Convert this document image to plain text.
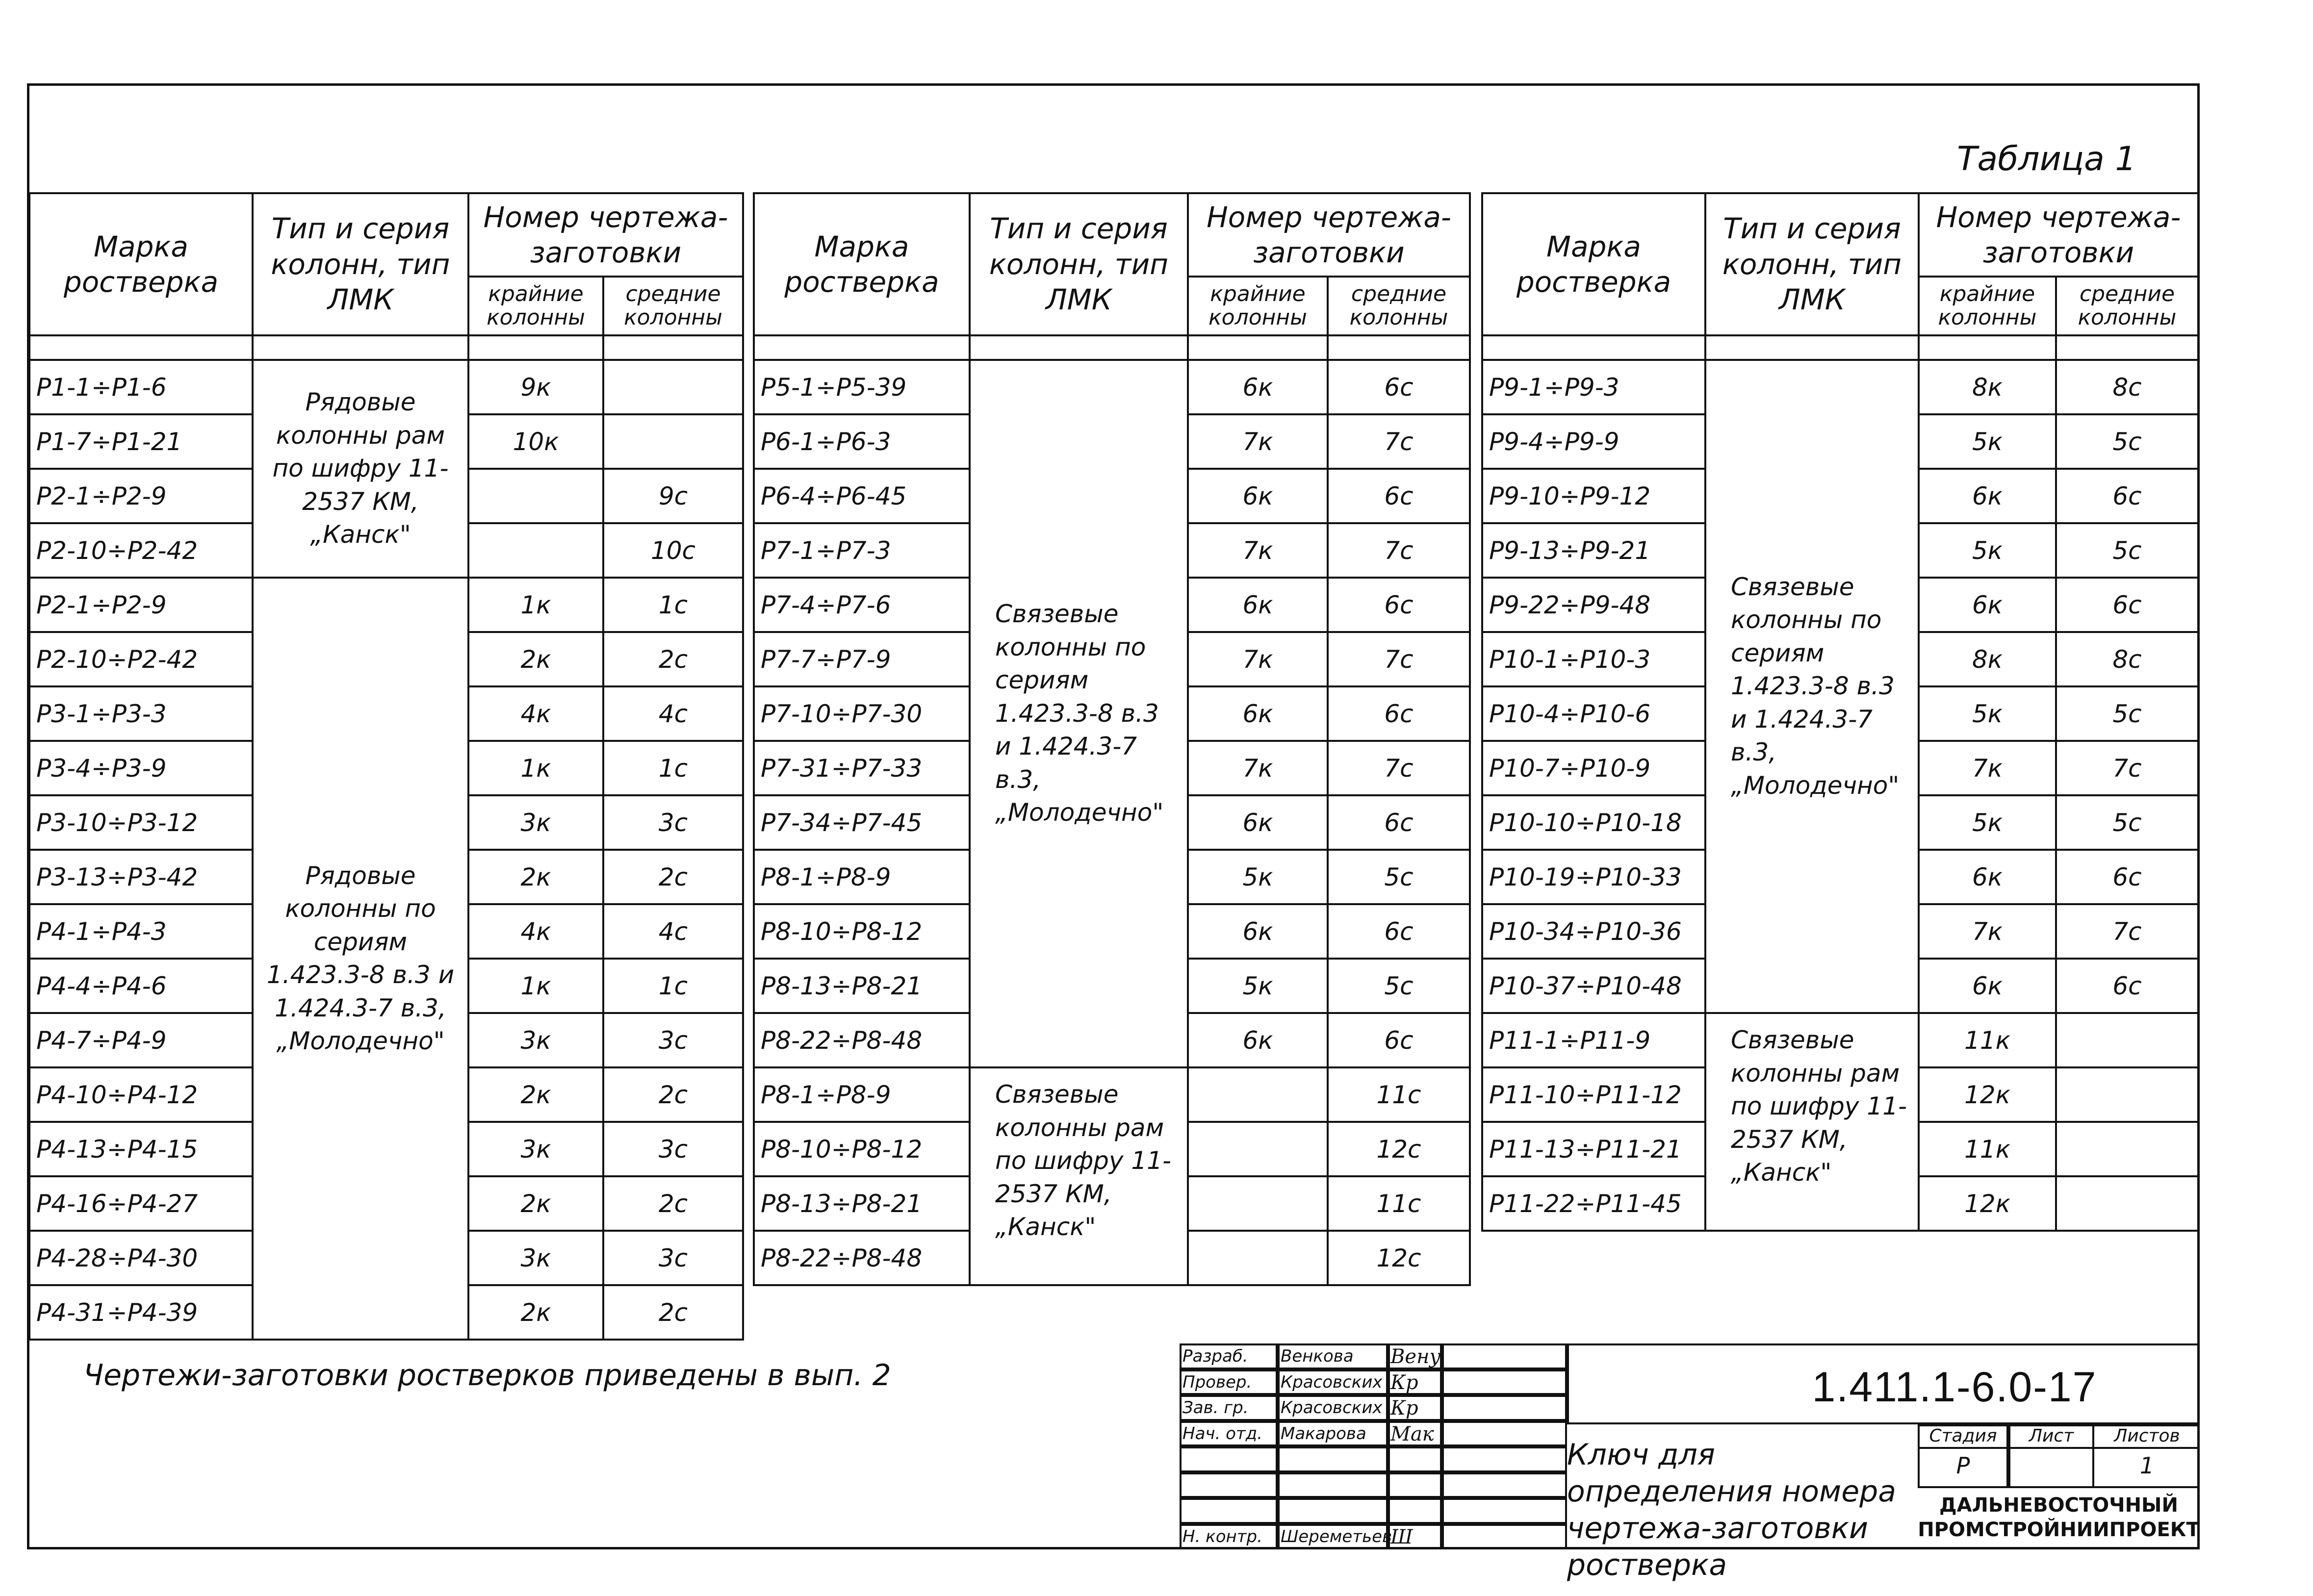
Таблица 1
Марка ростверка	Тип и серия колонн, тип ЛМК	Номер чертежа-заготовки	
		крайние колонны	средние колонны

Р1-1÷Р1-6	Рядовые колонны рам по шифру 11-2537 КМ, „Канск"	9к	
Р1-7÷Р1-21		10к	
Р2-1÷Р2-9			9с
Р2-10÷Р2-42			10с
Р2-1÷Р2-9	Рядовые колонны по сериям 1.423.3-8 в.3 и 1.424.3-7 в.3, „Молодечно"	1к	1с
Р2-10÷Р2-42		2к	2с
Р3-1÷Р3-3		4к	4с
Р3-4÷Р3-9		1к	1с
Р3-10÷Р3-12		3к	3с
Р3-13÷Р3-42		2к	2с
Р4-1÷Р4-3		4к	4с
Р4-4÷Р4-6		1к	1с
Р4-7÷Р4-9		3к	3с
Р4-10÷Р4-12		2к	2с
Р4-13÷Р4-15		3к	3с
Р4-16÷Р4-27		2к	2с
Р4-28÷Р4-30		3к	3с
Р4-31÷Р4-39		2к	2с
Марка ростверка	Тип и серия колонн, тип ЛМК	Номер чертежа-заготовки	
		крайние колонны	средние колонны

Р5-1÷Р5-39	Связевые колонны по сериям 1.423.3-8 в.3 и 1.424.3-7 в.3, „Молодечно"	6к	6с
Р6-1÷Р6-3		7к	7с
Р6-4÷Р6-45		6к	6с
Р7-1÷Р7-3		7к	7с
Р7-4÷Р7-6		6к	6с
Р7-7÷Р7-9		7к	7с
Р7-10÷Р7-30		6к	6с
Р7-31÷Р7-33		7к	7с
Р7-34÷Р7-45		6к	6с
Р8-1÷Р8-9		5к	5с
Р8-10÷Р8-12		6к	6с
Р8-13÷Р8-21		5к	5с
Р8-22÷Р8-48		6к	6с
Р8-1÷Р8-9	Связевые колонны рам по шифру 11-2537 КМ, „Канск"		11с
Р8-10÷Р8-12			12с
Р8-13÷Р8-21			11с
Р8-22÷Р8-48			12с
Марка ростверка	Тип и серия колонн, тип ЛМК	Номер чертежа-заготовки	
		крайние колонны	средние колонны

Р9-1÷Р9-3	Связевые колонны по сериям 1.423.3-8 в.3 и 1.424.3-7 в.3, „Молодечно"	8к	8с
Р9-4÷Р9-9		5к	5с
Р9-10÷Р9-12		6к	6с
Р9-13÷Р9-21		5к	5с
Р9-22÷Р9-48		6к	6с
Р10-1÷Р10-3		8к	8с
Р10-4÷Р10-6		5к	5с
Р10-7÷Р10-9		7к	7с
Р10-10÷Р10-18		5к	5с
Р10-19÷Р10-33		6к	6с
Р10-34÷Р10-36		7к	7с
Р10-37÷Р10-48		6к	6с
Р11-1÷Р11-9	Связевые колонны рам по шифру 11-2537 КМ, „Канск"	11к	
Р11-10÷Р11-12		12к	
Р11-13÷Р11-21		11к	
Р11-22÷Р11-45		12к	
Чертежи-заготовки ростверков приведены в вып. 2
Разраб. Венкова Вену
Провер. Красовских Кр
Зав. гр. Красовских Кр
Нач. отд. Макарова Мак
Н. контр. Шереметьев
Ш
1.411.1-6.0-17
Ключ для определения номера чертежа-заготовки ростверка
Стадия	Лист	Листов
Р	1
ДАЛЬНЕВОСТОЧНЫЙ ПРОМСТРОЙНИИПРОЕКТ
